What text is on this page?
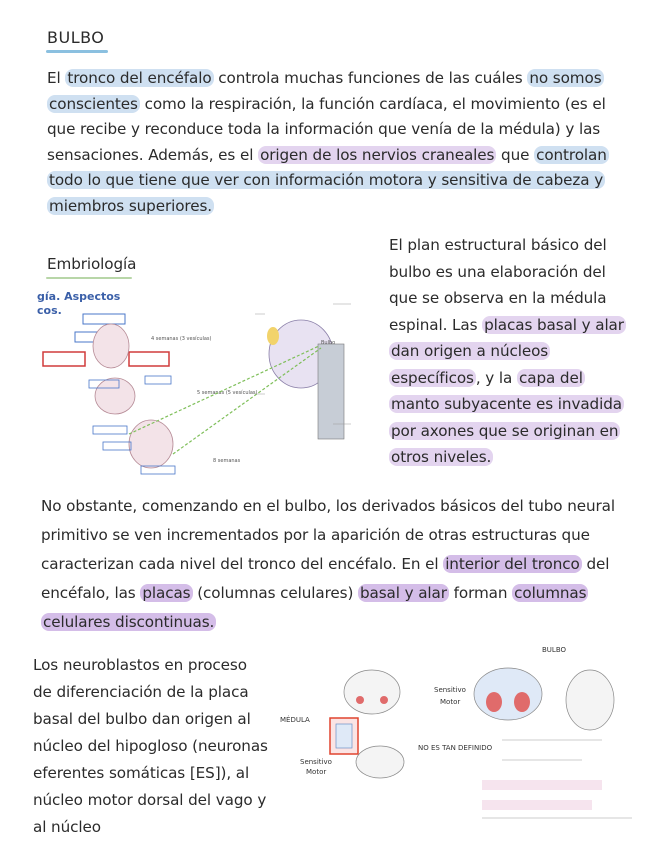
BULBO
El tronco del encéfalo controla muchas funciones de las cuáles no somos conscientes como la respiración, la función cardíaca, el movimiento (es el que recibe y reconduce toda la información que venía de la médula) y las sensaciones. Además, es el origen de los nervios craneales que controlan todo lo que tiene que ver con información motora y sensitiva de cabeza y miembros superiores.
Embriología
gía. Aspectos
cos.
4 semanas (3 vesículas)
5 semanas (5 vesículas)
8 semanas
Bulbo
El plan estructural básico del bulbo es una elaboración del que se observa en la médula espinal. Las placas basal y alar dan origen a núcleos específicos , y la capa del manto subyacente es invadida por axones que se originan en otros niveles.
No obstante, comenzando en el bulbo, los derivados básicos del tubo neural primitivo se ven incrementados por la aparición de otras estructuras que caracterizan cada nivel del tronco del encéfalo. En el interior del tronco del encéfalo, las placas (columnas celulares) basal y alar forman columnas celulares discontinuas.
Los neuroblastos en proceso de diferenciación de la placa basal del bulbo dan origen al núcleo del hipogloso (neuronas eferentes somáticas [ES]), al núcleo motor dorsal del vago y al núcleo
BULBO
Sensitivo
Motor
MÉDULA
Sensitivo
Motor
NO ES TAN DEFINIDO
